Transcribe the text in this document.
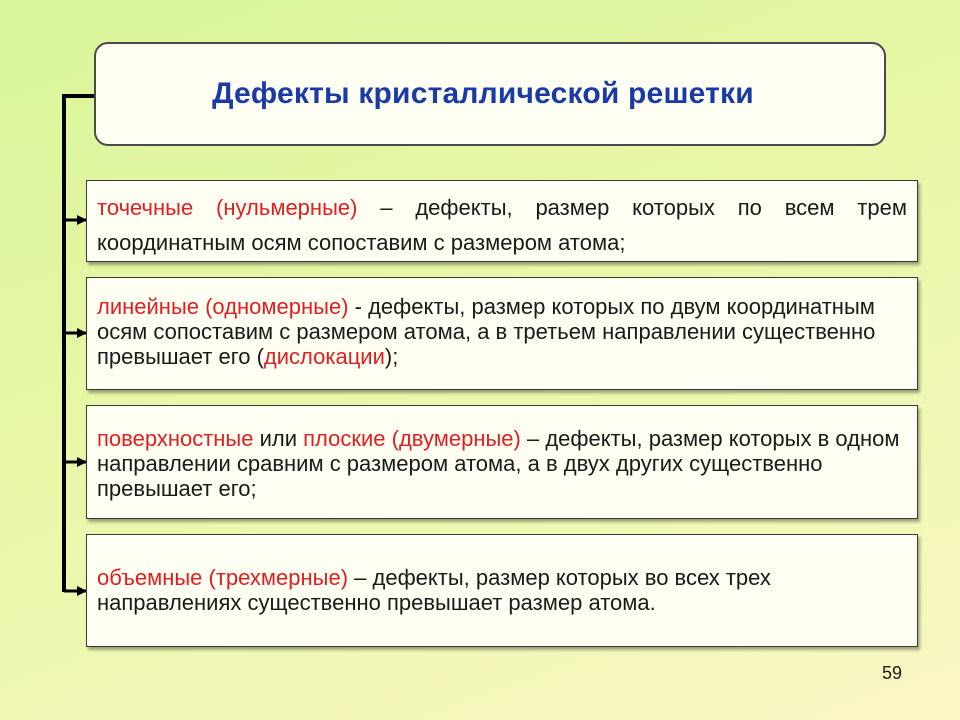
Дефекты кристаллической решетки
точечные (нульмерные) – дефекты, размер которых по всем трем координатным осям сопоставим с размером атома;
линейные (одномерные) - дефекты, размер которых по двум координатным осям сопоставим с размером атома, а в третьем направлении существенно превышает его (дислокации);
поверхностные или плоские (двумерные) – дефекты, размер которых в одном направлении сравним с размером атома, а в двух других существенно превышает его;
объемные (трехмерные) – дефекты, размер которых во всех трех направлениях существенно превышает размер атома.
59
